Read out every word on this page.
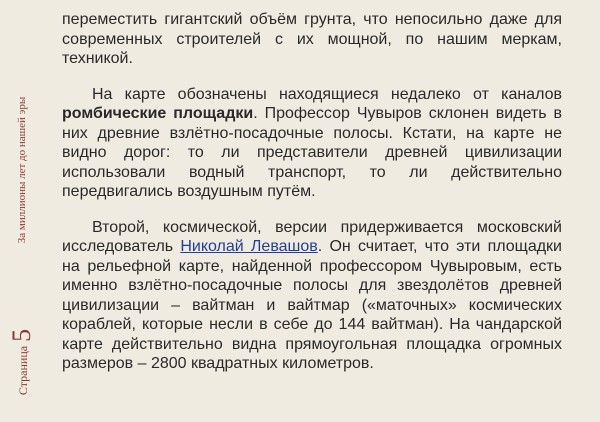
За миллионы лет до нашей эры
Страница5

переместить гигантский объём грунта, что непосильно даже для современных строителей с их мощной, по нашим меркам, техникой.

На карте обозначены находящиеся недалеко от каналов ромбические площадки. Профессор Чувыров склонен видеть в них древние взлётно-посадочные полосы. Кстати, на карте не видно дорог: то ли представители древней цивилизации использовали водный транспорт, то ли действительно передвигались воздушным путём.

Второй, космической, версии придерживается московский исследователь Николай Левашов. Он считает, что эти площадки на рельефной карте, найденной профессором Чувыровым, есть именно взлётно-посадочные полосы для звездолётов древней цивилизации – вайтман и вайтмар («маточных» космических кораблей, которые несли в себе до 144 вайтман). На чандарской карте действительно видна прямоугольная площадка огромных размеров – 2800 квадратных километров.
